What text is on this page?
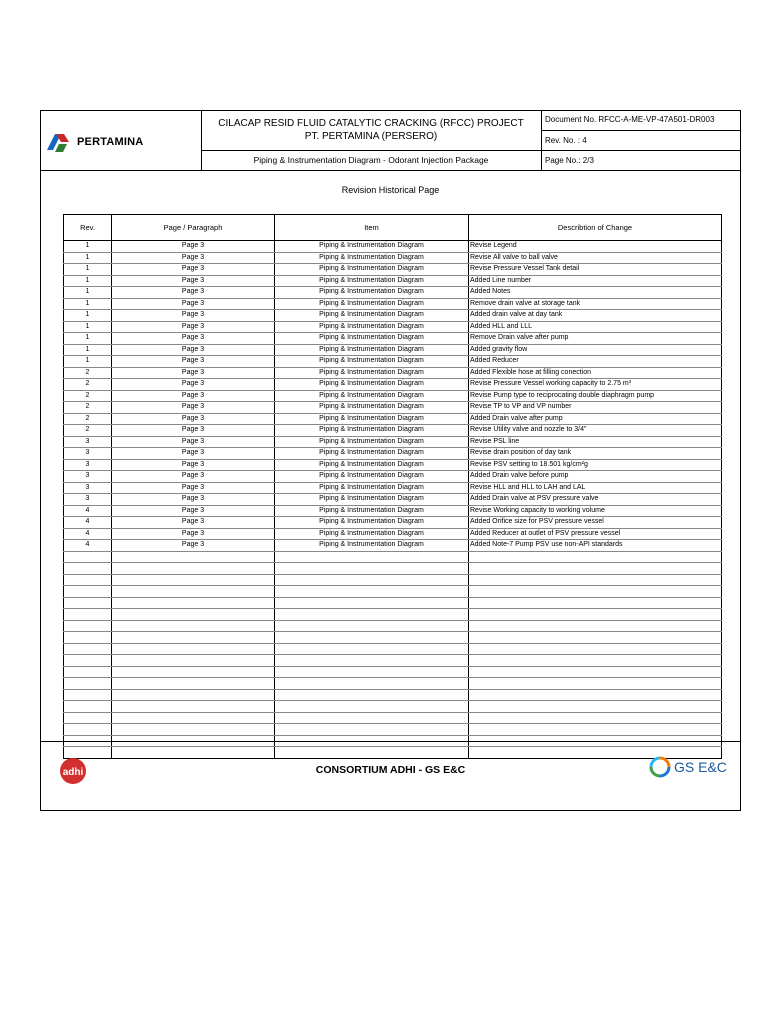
PERTAMINA
CILACAP RESID FLUID CATALYTIC CRACKING (RFCC) PROJECT
PT. PERTAMINA (PERSERO)
Piping & Instrumentation Diagram - Odorant Injection Package
Document No. RFCC-A-ME-VP-47A501-DR003
Rev. No. : 4
Page No.: 2/3
Revision Historical Page
Rev.	Page / Paragraph	Item	Describtion of Change
1	Page 3	Piping & Instrumentation Diagram	Revise Legend
1	Page 3	Piping & Instrumentation Diagram	Revise All valve to ball valve
1	Page 3	Piping & Instrumentation Diagram	Revise Pressure Vessel Tank detail
1	Page 3	Piping & Instrumentation Diagram	Added Line number
1	Page 3	Piping & Instrumentation Diagram	Added Notes
1	Page 3	Piping & Instrumentation Diagram	Remove drain valve at storage tank
1	Page 3	Piping & Instrumentation Diagram	Added drain valve at day tank
1	Page 3	Piping & Instrumentation Diagram	Added HLL and LLL
1	Page 3	Piping & Instrumentation Diagram	Remove Drain valve after pump
1	Page 3	Piping & Instrumentation Diagram	Added gravity flow
1	Page 3	Piping & Instrumentation Diagram	Added Reducer
2	Page 3	Piping & Instrumentation Diagram	Added Flexible hose at filling conection
2	Page 3	Piping & Instrumentation Diagram	Revise Pressure Vessel working capacity to 2.75 m³
2	Page 3	Piping & Instrumentation Diagram	Revise Pump type to reciprocating double diaphragm pump
2	Page 3	Piping & Instrumentation Diagram	Revise TP to VP and VP number
2	Page 3	Piping & Instrumentation Diagram	Added Drain valve after pump
2	Page 3	Piping & Instrumentation Diagram	Revise Utility valve and nozzle to 3/4"
3	Page 3	Piping & Instrumentation Diagram	Revise PSL line
3	Page 3	Piping & Instrumentation Diagram	Revise drain position of day tank
3	Page 3	Piping & Instrumentation Diagram	Revise PSV setting to 18.501 kg/cm²g
3	Page 3	Piping & Instrumentation Diagram	Added Drain valve before pump
3	Page 3	Piping & Instrumentation Diagram	Revise HLL and HLL to LAH and LAL
3	Page 3	Piping & Instrumentation Diagram	Added Drain valve at PSV pressure valve
4	Page 3	Piping & Instrumentation Diagram	Revise Working capacity to working volume
4	Page 3	Piping & Instrumentation Diagram	Added Orifice size for PSV pressure vessel
4	Page 3	Piping & Instrumentation Diagram	Added Reducer at outlet of PSV pressure vessel
4	Page 3	Piping & Instrumentation Diagram	Added Note-7 Pump PSV use non-API standards

adhi	CONSORTIUM ADHI - GS E&C	GS E&C
